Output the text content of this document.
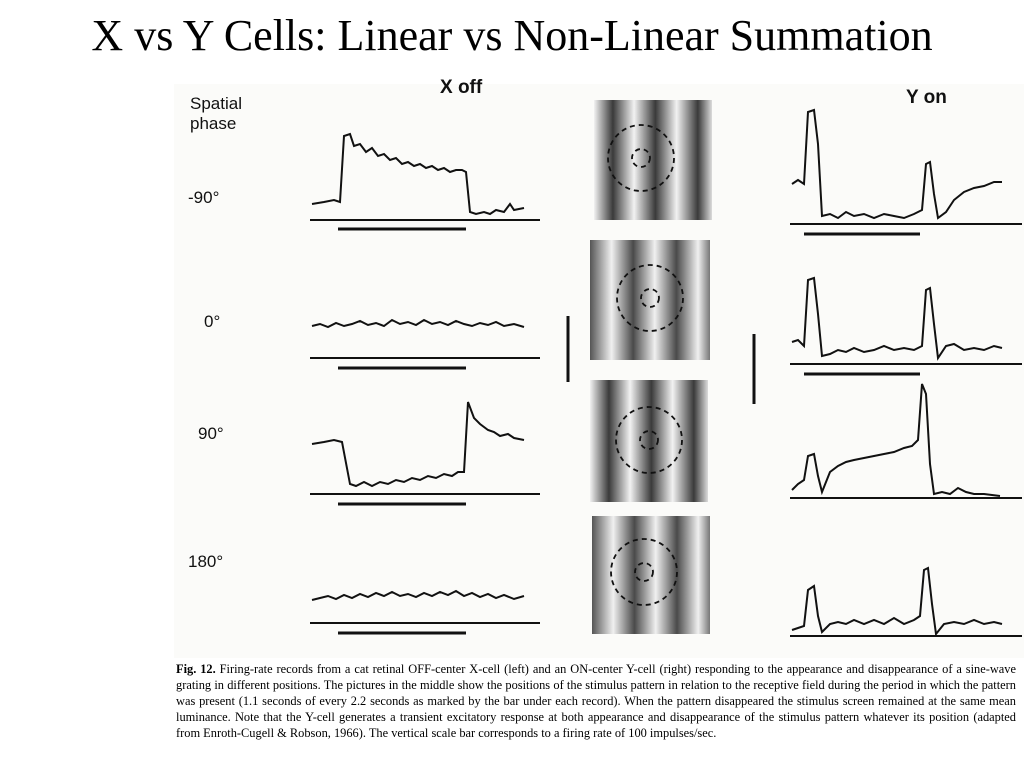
X vs Y Cells: Linear vs Non-Linear Summation
Spatial
phase
X off	Y on
-90°
0°
90°
180°
Fig. 12. Firing-rate records from a cat retinal OFF-center X-cell (left) and an ON-center Y-cell (right) responding to the appearance and disappearance of a sine-wave grating in different positions. The pictures in the middle show the positions of the stimulus pattern in relation to the receptive field during the period in which the pattern was present (1.1 seconds of every 2.2 seconds as marked by the bar under each record). When the pattern disappeared the stimulus screen remained at the same mean luminance. Note that the Y-cell generates a transient excitatory response at both appearance and disappearance of the stimulus pattern whatever its position (adapted from Enroth-Cugell & Robson, 1966). The vertical scale bar corresponds to a firing rate of 100 impulses/sec.
